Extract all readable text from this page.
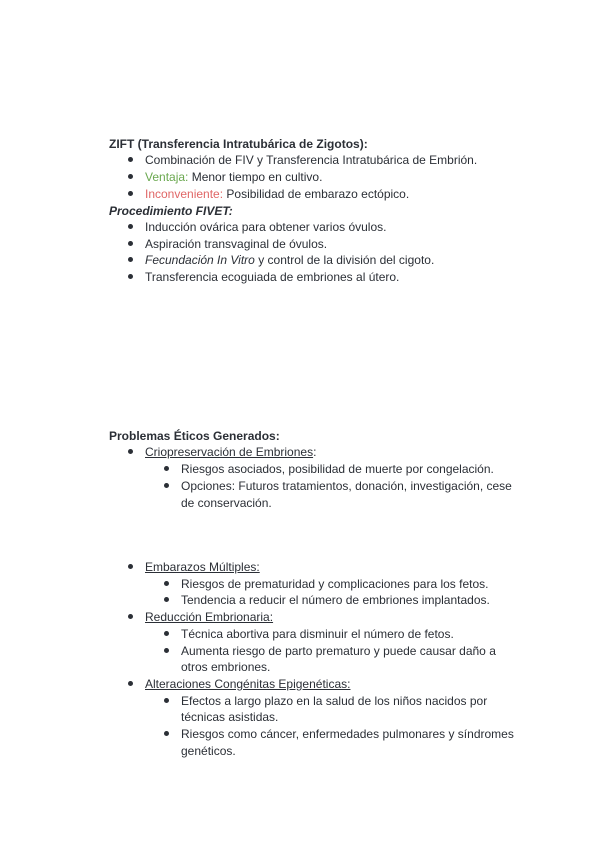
ZIFT (Transferencia Intratubárica de Zigotos):
Combinación de FIV y Transferencia Intratubárica de Embrión.
Ventaja: Menor tiempo en cultivo.
Inconveniente: Posibilidad de embarazo ectópico.
Procedimiento FIVET:
Inducción ovárica para obtener varios óvulos.
Aspiración transvaginal de óvulos.
Fecundación In Vitro y control de la división del cigoto.
Transferencia ecoguiada de embriones al útero.
Problemas Éticos Generados:
Criopreservación de Embriones:
Riesgos asociados, posibilidad de muerte por congelación.
Opciones: Futuros tratamientos, donación, investigación, cese
de conservación.
Embarazos Múltiples:
Riesgos de prematuridad y complicaciones para los fetos.
Tendencia a reducir el número de embriones implantados.
Reducción Embrionaria:
Técnica abortiva para disminuir el número de fetos.
Aumenta riesgo de parto prematuro y puede causar daño a
otros embriones.
Alteraciones Congénitas Epigenéticas:
Efectos a largo plazo en la salud de los niños nacidos por
técnicas asistidas.
Riesgos como cáncer, enfermedades pulmonares y síndromes
genéticos.
